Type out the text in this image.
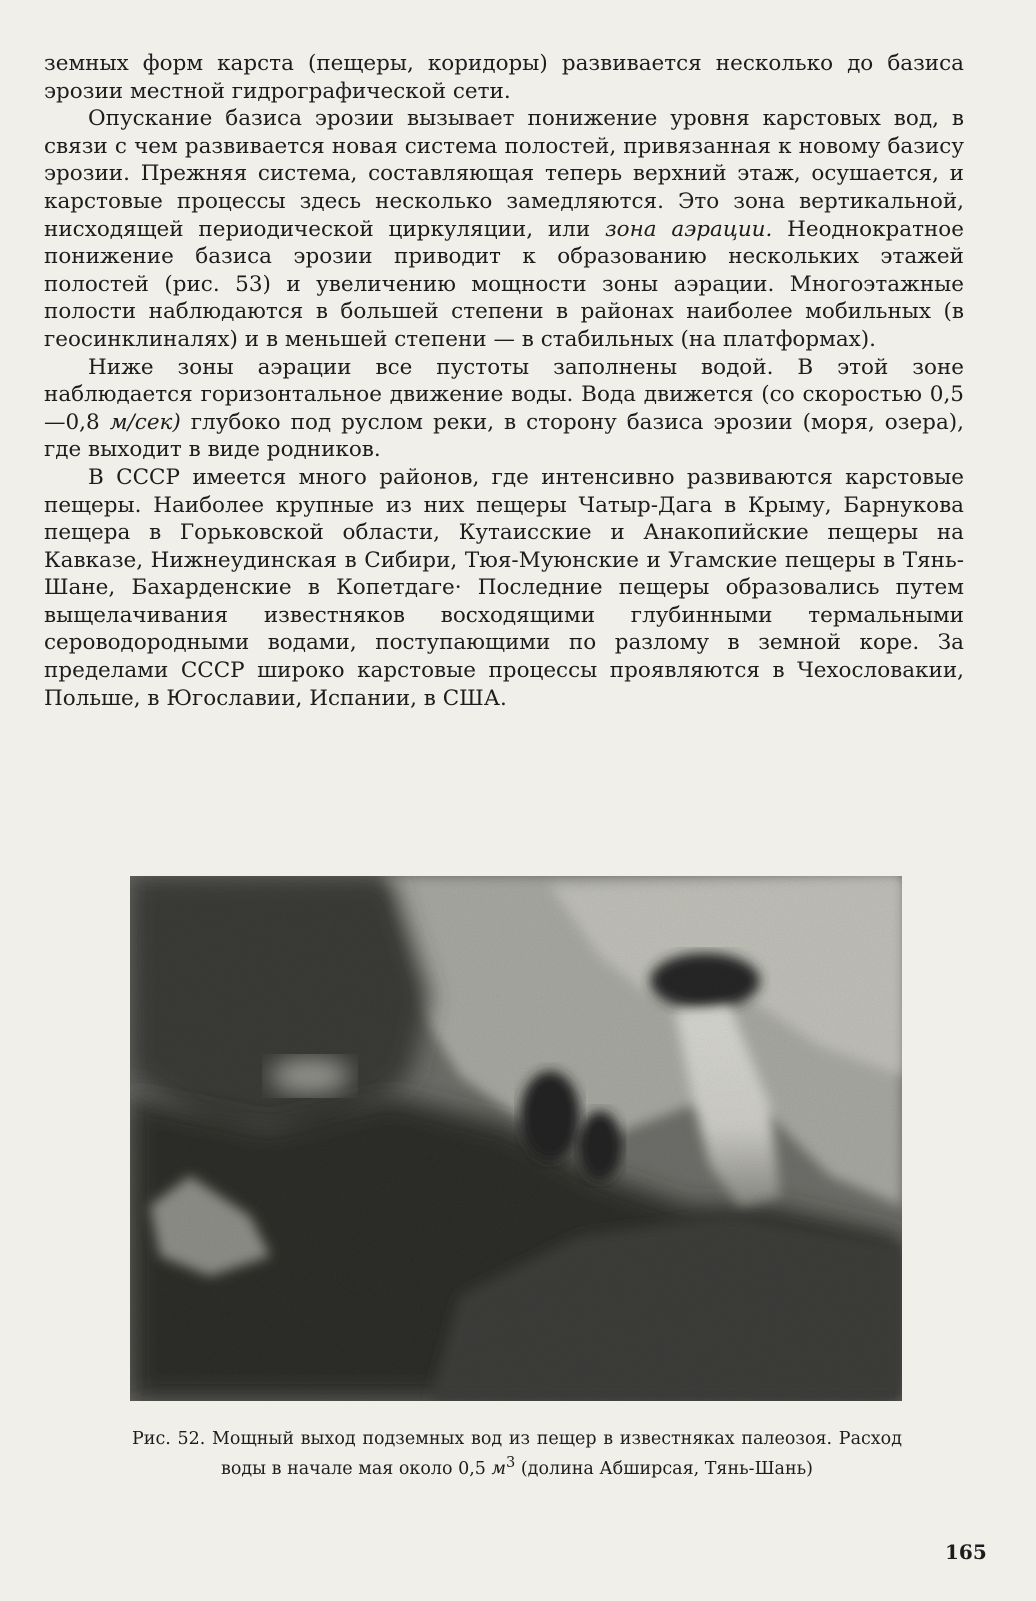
земных форм карста (пещеры, коридоры) развивается несколько до базиса эрозии местной гидрографической сети.

Опускание базиса эрозии вызывает понижение уровня карстовых вод, в связи с чем развивается новая система полостей, привязанная к новому базису эрозии. Прежняя система, составляющая теперь верхний этаж, осушается, и карстовые процессы здесь несколько замедляются. Это зона вертикальной, нисходящей периодической циркуляции, или зона аэрации. Неоднократное понижение базиса эрозии приводит к образованию нескольких этажей полостей (рис. 53) и увеличению мощности зоны аэрации. Многоэтажные полости наблюдаются в большей степени в районах наиболее мобильных (в геосинклиналях) и в меньшей степени — в стабильных (на платформах).

Ниже зоны аэрации все пустоты заполнены водой. В этой зоне наблюдается горизонтальное движение воды. Вода движется (со скоростью 0,5—0,8 м/сек) глубоко под руслом реки, в сторону базиса эрозии (моря, озера), где выходит в виде родников.

В СССР имеется много районов, где интенсивно развиваются карстовые пещеры. Наиболее крупные из них пещеры Чатыр-Дага в Крыму, Барнукова пещера в Горьковской области, Кутаисские и Анакопийские пещеры на Кавказе, Нижнеудинская в Сибири, Тюя-Муюнские и Угамские пещеры в Тянь-Шане, Бахарденские в Копетдаге· Последние пещеры образовались путем выщелачивания известняков восходящими глубинными термальными сероводородными водами, поступающими по разлому в земной коре. За пределами СССР широко карстовые процессы проявляются в Чехословакии, Польше, в Югославии, Испании, в США.

Рис. 52. Мощный выход подземных вод из пещер в известняках палеозоя. Расход воды в начале мая около 0,5 $м^3$ (долина Абширсая, Тянь-Шань)

165
